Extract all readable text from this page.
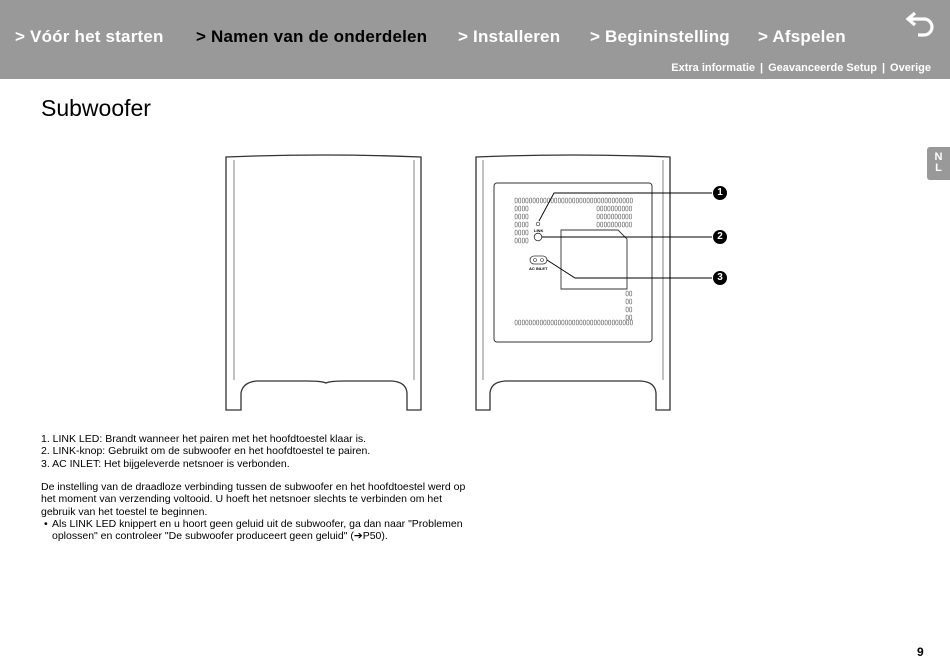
> Vóór het starten > Namen van de onderdelen > Installeren > Begininstelling > Afspelen
Extra informatie | Geavanceerde Setup | Overige
Subwoofer
N
L
LINK
AC INLET
1
2
3
1. LINK LED: Brandt wanneer het pairen met het hoofdtoestel klaar is.
2. LINK-knop: Gebruikt om de subwoofer en het hoofdtoestel te pairen.
3. AC INLET: Het bijgeleverde netsnoer is verbonden.
De instelling van de draadloze verbinding tussen de subwoofer en het hoofdtoestel werd op
het moment van verzending voltooid. U hoeft het netsnoer slechts te verbinden om het
gebruik van het toestel te beginnen.
• Als LINK LED knippert en u hoort geen geluid uit de subwoofer, ga dan naar "Problemen
oplossen" en controleer "De subwoofer produceert geen geluid" (➔P50).
9
